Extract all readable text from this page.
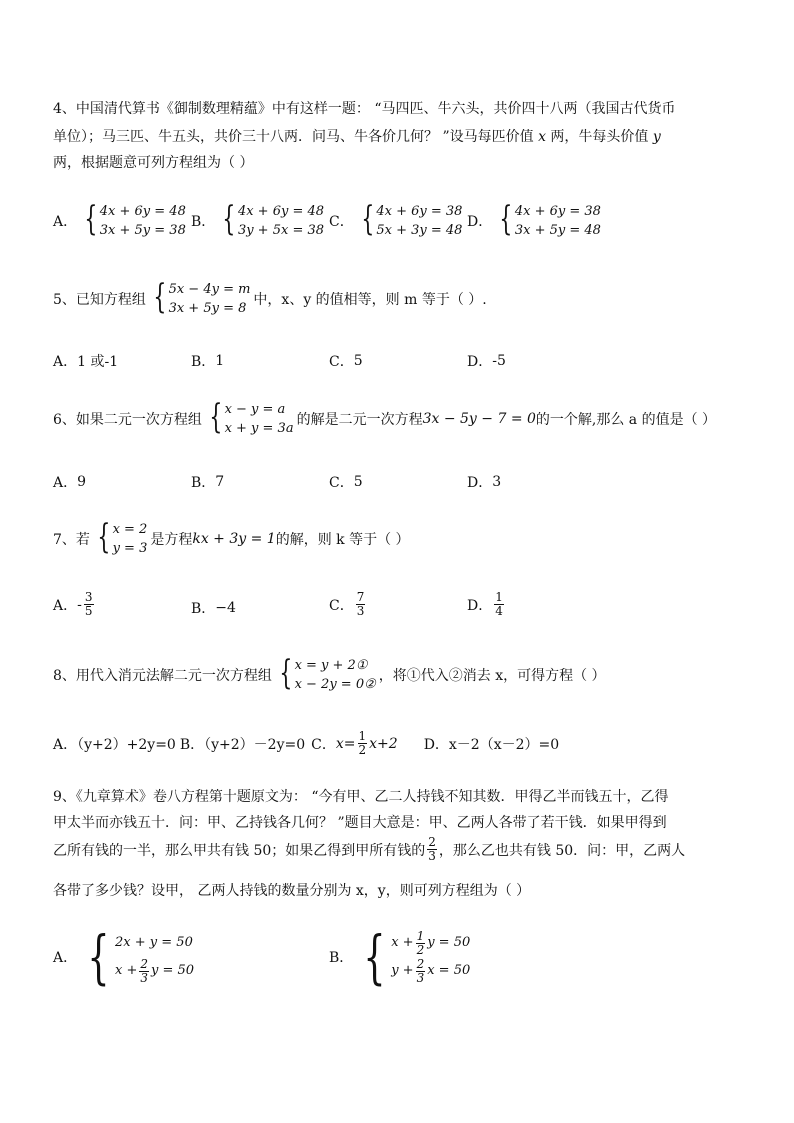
4、中国清代算书《御制数理精蕴》中有这样一题： “马四匹、牛六头，共价四十八两（我国古代货币
单位）；马三匹、牛五头，共价三十八两．问马、牛各价几何？ ”设马每匹价值 x 两，牛每头价值 y
两，根据题意可列方程组为（ ）
A． { 4x + 6y = 48
3x + 5y = 38
B． { 4x + 6y = 48
3y + 5x = 38
C． { 4x + 6y = 38
5x + 3y = 48
D． { 4x + 6y = 38
3x + 5y = 48
5、已知方程组 { 5x − 4y = m
3x + 5y = 8
中，x、y 的值相等，则 m 等于（ ）.
A． 1 或-1	B． 1	C． 5	D． -5
6、如果二元一次方程组 { x − y = a
x + y = 3a
的解是二元一次方程 3x − 5y − 7 = 0 的一个解,那么 a 的值是（ ）
A． 9	B． 7	C． 5	D． 3
7、若 { x = 2
y = 3
是方程 kx + 3y = 1 的解，则 k 等于（ ）
A． - $\frac{3}{5}$	B． −4	C． $\frac{7}{3}$	D． $\frac{1}{4}$
8、用代入消元法解二元一次方程组 { x = y + 2①
x − 2y = 0②
，将①代入②消去 x，可得方程（ ）
A．（y+2）+2y=0 B．（y+2）－2y=0 C． $x= \frac{1}{2} x+2$ D．x－2（x－2）=0
9、《九章算术》卷八方程第十题原文为： “今有甲、乙二人持钱不知其数．甲得乙半而钱五十，乙得
甲太半而亦钱五十．问：甲、乙持钱各几何？ ”题目大意是：甲、乙两人各带了若干钱．如果甲得到
乙所有钱的一半，那么甲共有钱 50；如果乙得到甲所有钱的 $\frac{2}{3}$ ，那么乙也共有钱 50．问：甲，乙两人
各带了多少钱？设甲， 乙两人持钱的数量分别为 x，y，则可列方程组为（ ）
A． { 2x + y = 50
$x + \frac{2}{3}$ y = 50
B． { $x + \frac{1}{2}$ y = 50
$y + \frac{2}{3}$ x = 50
